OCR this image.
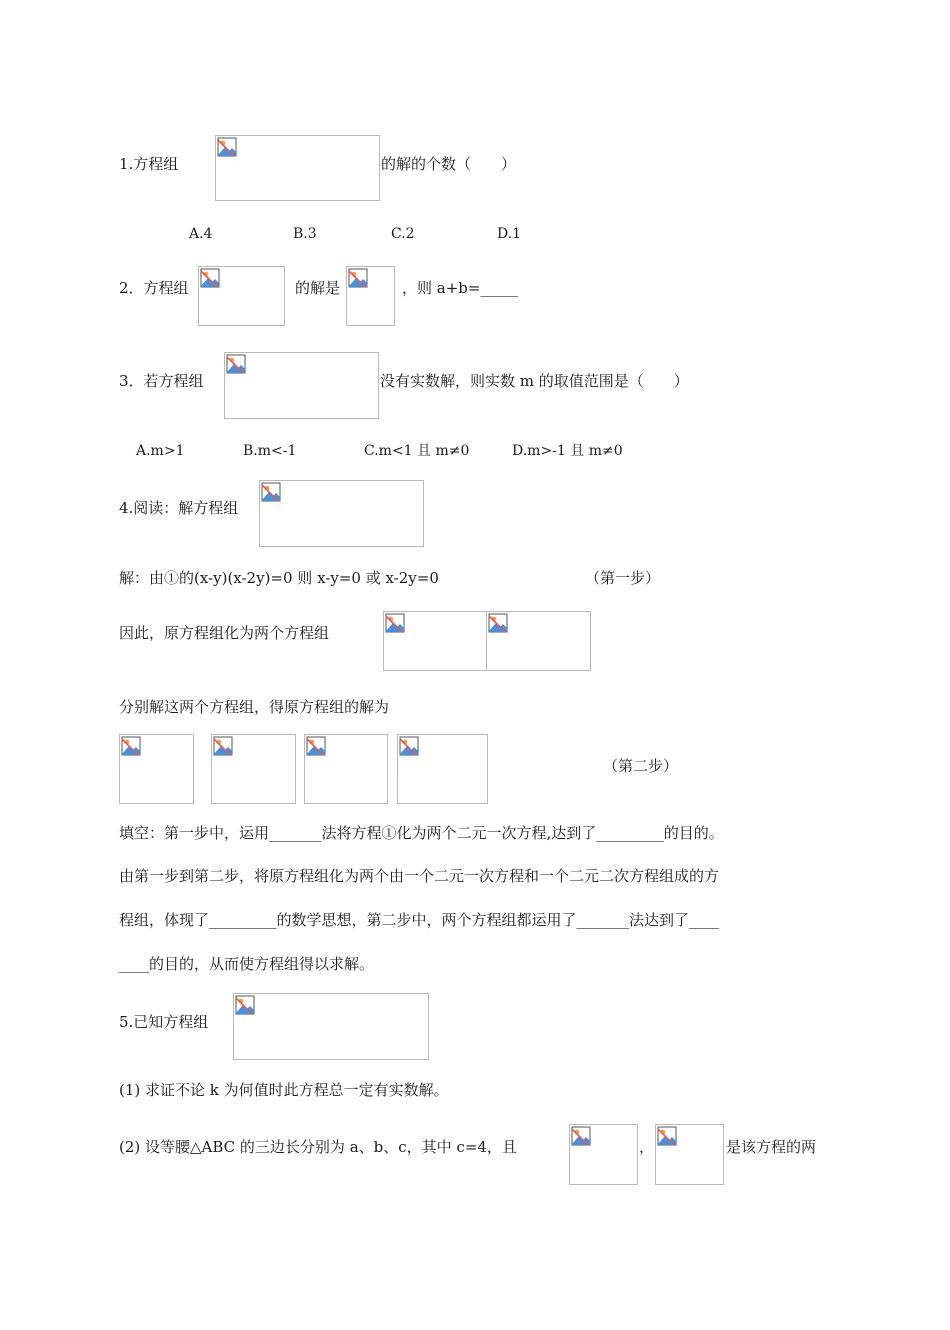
1.方程组	的解的个数（　　）
A.4	B.3	C.2	D.1
2．方程组	的解是	，则 a+b=_____
3．若方程组	没有实数解，则实数 m 的取值范围是（　　）
A.m>1	B.m<-1	C.m<1 且 m≠0	D.m>-1 且 m≠0
4.阅读：解方程组
解：由①的(x-y)(x-2y)=0 则 x-y=0 或 x-2y=0	（第一步）
因此，原方程组化为两个方程组
分别解这两个方程组，得原方程组的解为
（第二步）
填空：第一步中，运用_______法将方程①化为两个二元一次方程,达到了_________的目的。
由第一步到第二步，将原方程组化为两个由一个二元一次方程和一个二元二次方程组成的方
程组，体现了_________的数学思想，第二步中，两个方程组都运用了_______法达到了____
____的目的，从而使方程组得以求解。
5.已知方程组
(1) 求证不论 k 为何值时此方程总一定有实数解。
(2) 设等腰△ABC 的三边长分别为 a、b、c，其中 c=4，且	，	是该方程的两
